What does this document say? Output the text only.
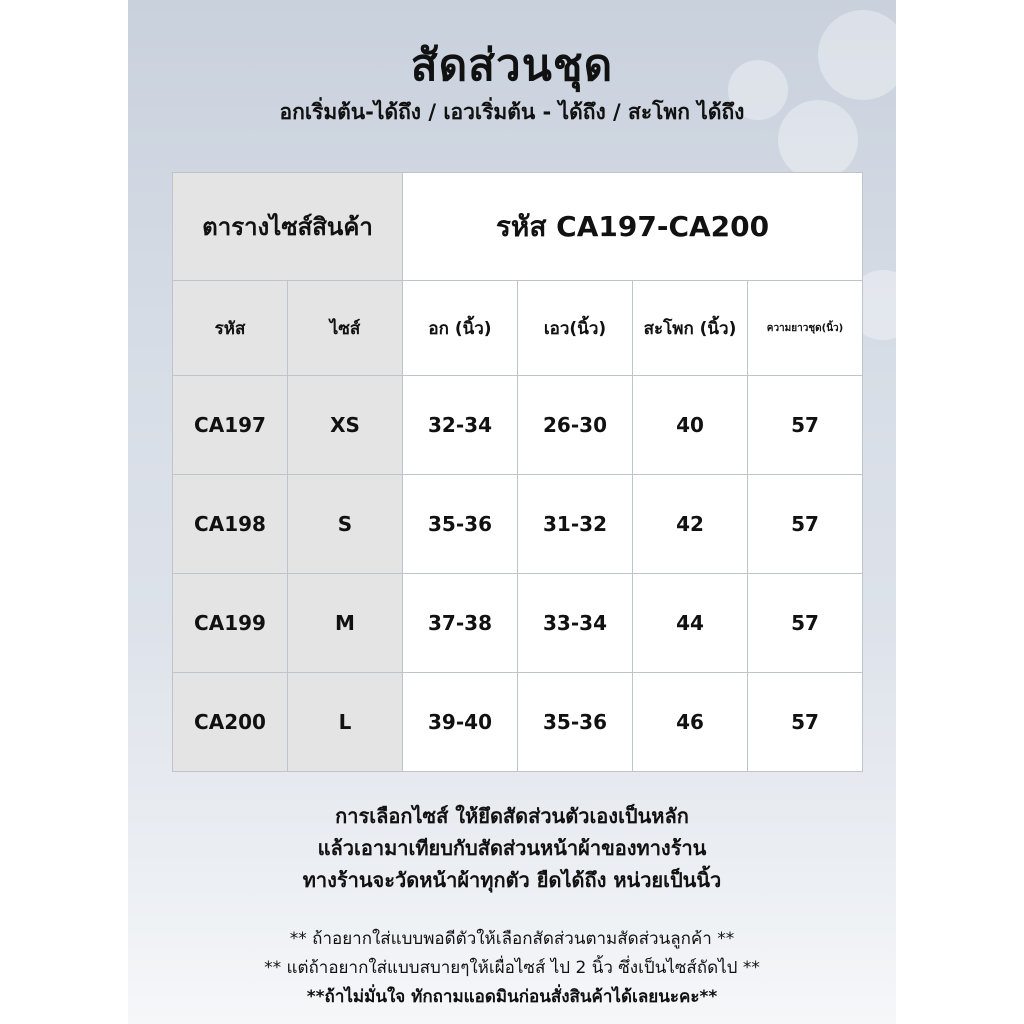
สัดส่วนชุด
อกเริ่มต้น-ได้ถึง / เอวเริ่มต้น - ได้ถึง / สะโพก ได้ถึง
ตารางไซส์สินค้า		รหัส CA197-CA200			
รหัส	ไซส์	อก (นิ้ว)	เอว(นิ้ว)	สะโพก (นิ้ว)	ความยาวชุด(นิ้ว)
CA197	XS	32-34	26-30	40	57
CA198	S	35-36	31-32	42	57
CA199	M	37-38	33-34	44	57
CA200	L	39-40	35-36	46	57
การเลือกไซส์ ให้ยึดสัดส่วนตัวเองเป็นหลัก
แล้วเอามาเทียบกับสัดส่วนหน้าผ้าของทางร้าน
ทางร้านจะวัดหน้าผ้าทุกตัว ยืดได้ถึง หน่วยเป็นนิ้ว
** ถ้าอยากใส่แบบพอดีตัวให้เลือกสัดส่วนตามสัดส่วนลูกค้า **
** แต่ถ้าอยากใส่แบบสบายๆให้เผื่อไซส์ ไป 2 นิ้ว ซึ่งเป็นไซส์ถัดไป **
**ถ้าไม่มั่นใจ ทักถามแอดมินก่อนสั่งสินค้าได้เลยนะคะ**
